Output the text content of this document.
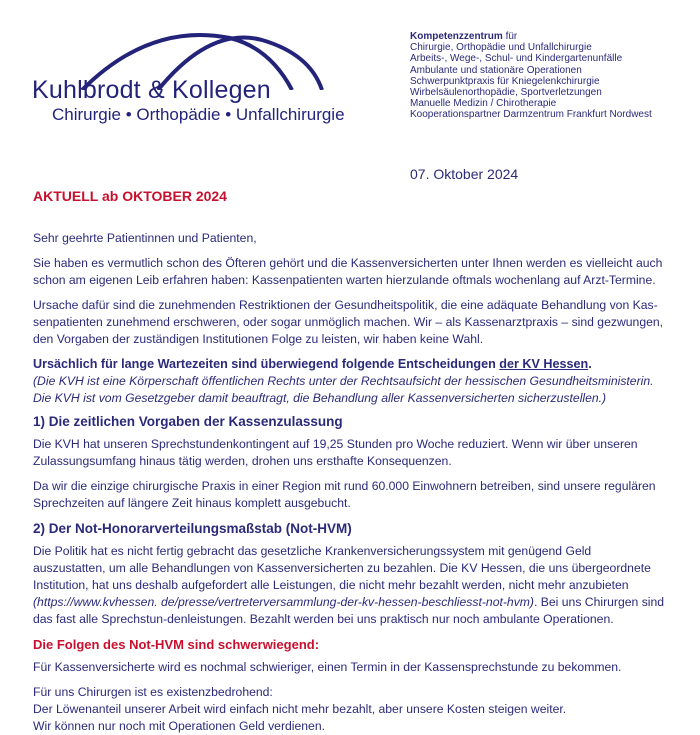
Kuhlbrodt & Kollegen
Chirurgie • Orthopädie • Unfallchirurgie
Kompetenzzentrum für
Chirurgie, Orthopädie und Unfallchirurgie
Arbeits-, Wege-, Schul- und Kindergartenunfälle
Ambulante und stationäre Operationen
Schwerpunktpraxis für Kniegelenkchirurgie
Wirbelsäulenorthopädie, Sportverletzungen
Manuelle Medizin / Chirotherapie
Kooperationspartner Darmzentrum Frankfurt Nordwest
07. Oktober 2024
AKTUELL ab OKTOBER 2024

Sehr geehrte Patientinnen und Patienten,

Sie haben es vermutlich schon des Öfteren gehört und die Kassenversicherten unter Ihnen werden es vielleicht auch schon am eigenen Leib erfahren haben: Kassenpatienten warten hierzulande oftmals wochenlang auf Arzt-Termine.

Ursache dafür sind die zunehmenden Restriktionen der Gesundheitspolitik, die eine adäquate Behandlung von Kas-senpatienten zunehmend erschweren, oder sogar unmöglich machen. Wir – als Kassenarztpraxis – sind gezwungen, den Vorgaben der zuständigen Institutionen Folge zu leisten, wir haben keine Wahl.

Ursächlich für lange Wartezeiten sind überwiegend folgende Entscheidungen der KV Hessen.

(Die KVH ist eine Körperschaft öffentlichen Rechts unter der Rechtsaufsicht der hessischen Gesundheitsministerin. Die KVH ist vom Gesetzgeber damit beauftragt, die Behandlung aller Kassenversicherten sicherzustellen.)

1) Die zeitlichen Vorgaben der Kassenzulassung

Die KVH hat unseren Sprechstundenkontingent auf 19,25 Stunden pro Woche reduziert. Wenn wir über unseren Zulassungsumfang hinaus tätig werden, drohen uns ersthafte Konsequenzen.

Da wir die einzige chirurgische Praxis in einer Region mit rund 60.000 Einwohnern betreiben, sind unsere regulären Sprechzeiten auf längere Zeit hinaus komplett ausgebucht.

2) Der Not-Honorarverteilungsmaßstab (Not-HVM)

Die Politik hat es nicht fertig gebracht das gesetzliche Krankenversicherungssystem mit genügend Geld auszustatten, um alle Behandlungen von Kassenversicherten zu bezahlen. Die KV Hessen, die uns übergeordnete Institution, hat uns deshalb aufgefordert alle Leistungen, die nicht mehr bezahlt werden, nicht mehr anzubieten (https://www.kvhessen. de/presse/vertreterversammlung-der-kv-hessen-beschliesst-not-hvm). Bei uns Chirurgen sind das fast alle Sprechstun-denleistungen. Bezahlt werden bei uns praktisch nur noch ambulante Operationen.

Die Folgen des Not-HVM sind schwerwiegend:

Für Kassenversicherte wird es nochmal schwieriger, einen Termin in der Kassensprechstunde zu bekommen.

Für uns Chirurgen ist es existenzbedrohend:

Der Löwenanteil unserer Arbeit wird einfach nicht mehr bezahlt, aber unsere Kosten steigen weiter.

Wir können nur noch mit Operationen Geld verdienen.
